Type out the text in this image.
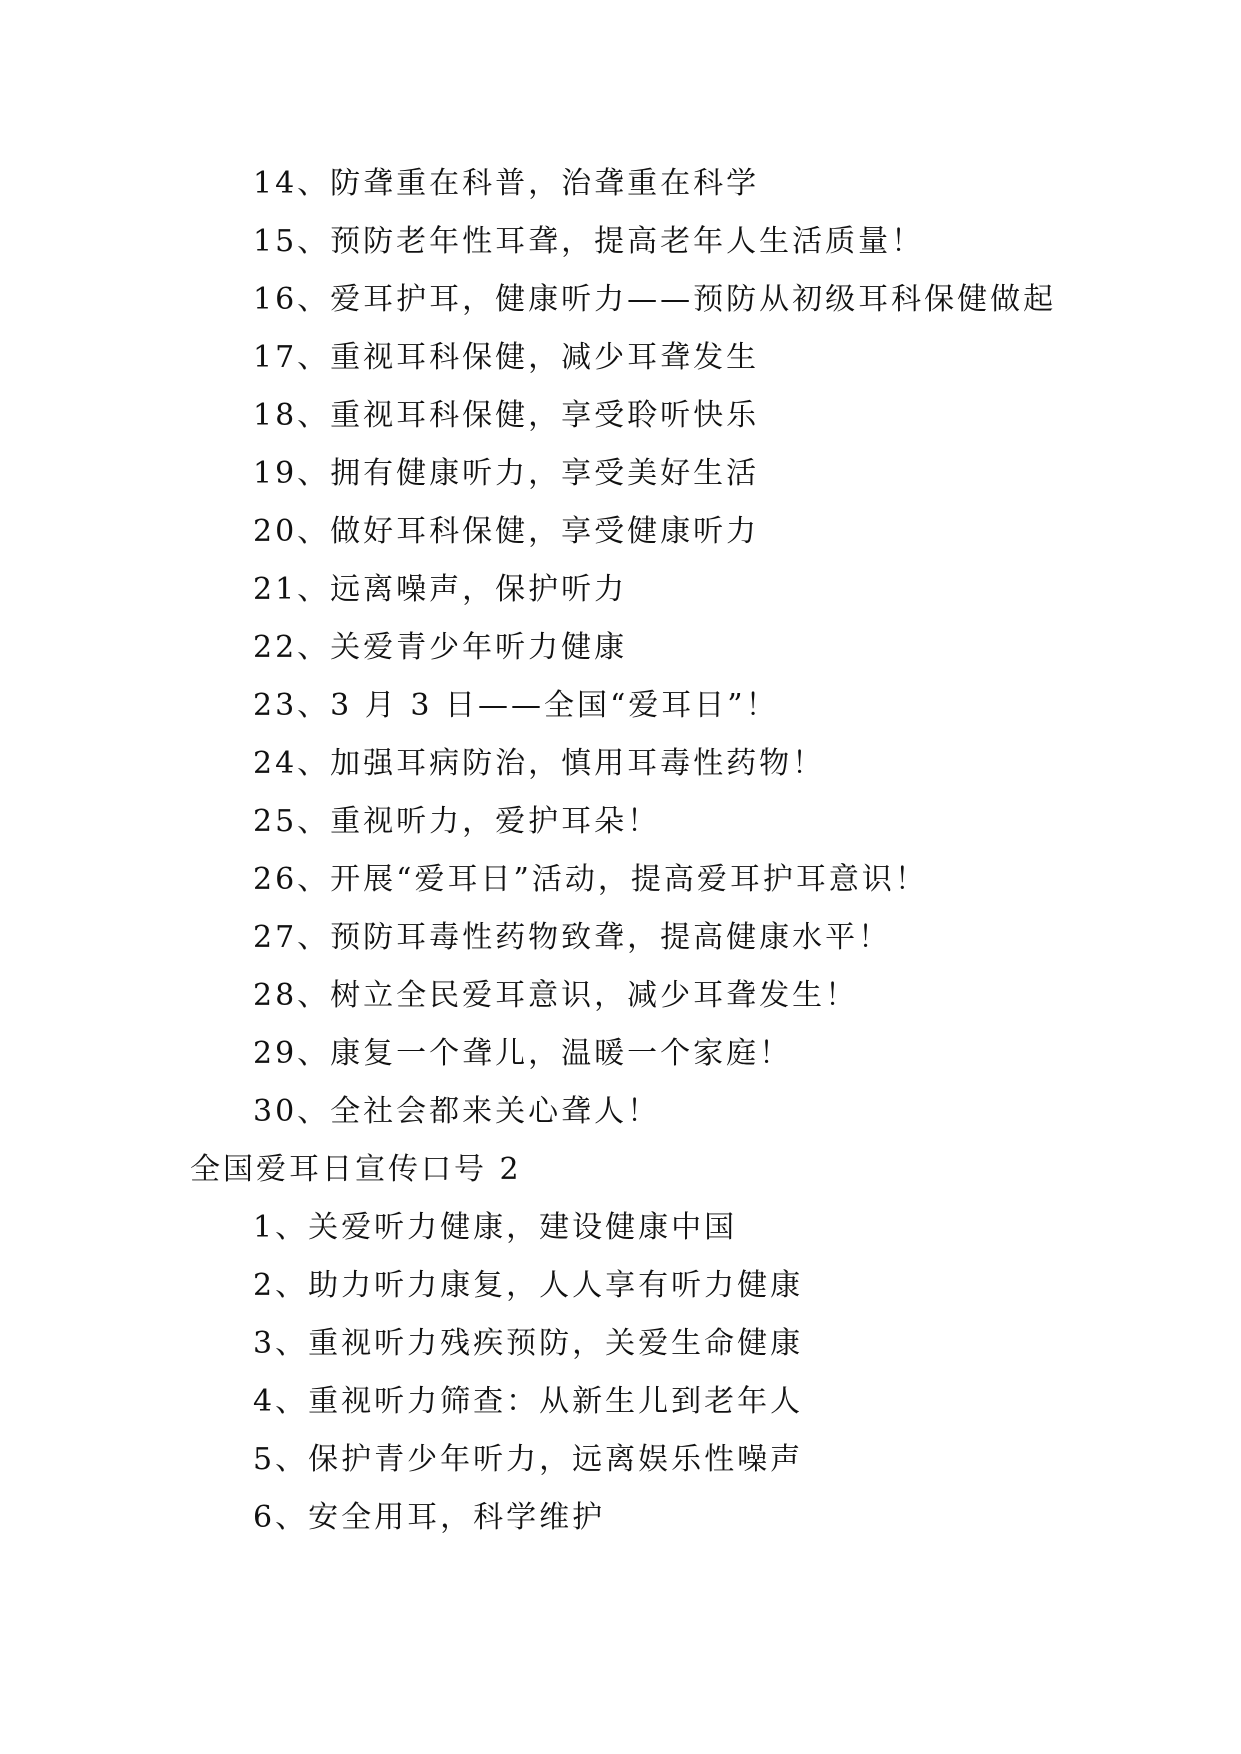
14、防聋重在科普，治聋重在科学
15、预防老年性耳聋，提高老年人生活质量！
16、爱耳护耳，健康听力——预防从初级耳科保健做起
17、重视耳科保健，减少耳聋发生
18、重视耳科保健，享受聆听快乐
19、拥有健康听力，享受美好生活
20、做好耳科保健，享受健康听力
21、远离噪声，保护听力
22、关爱青少年听力健康
23、3 月 3 日——全国“爱耳日”！
24、加强耳病防治，慎用耳毒性药物！
25、重视听力，爱护耳朵！
26、开展“爱耳日”活动，提高爱耳护耳意识！
27、预防耳毒性药物致聋，提高健康水平！
28、树立全民爱耳意识，减少耳聋发生！
29、康复一个聋儿，温暖一个家庭！
30、全社会都来关心聋人！
全国爱耳日宣传口号 2
1、关爱听力健康，建设健康中国
2、助力听力康复，人人享有听力健康
3、重视听力残疾预防，关爱生命健康
4、重视听力筛查：从新生儿到老年人
5、保护青少年听力，远离娱乐性噪声
6、安全用耳，科学维护
